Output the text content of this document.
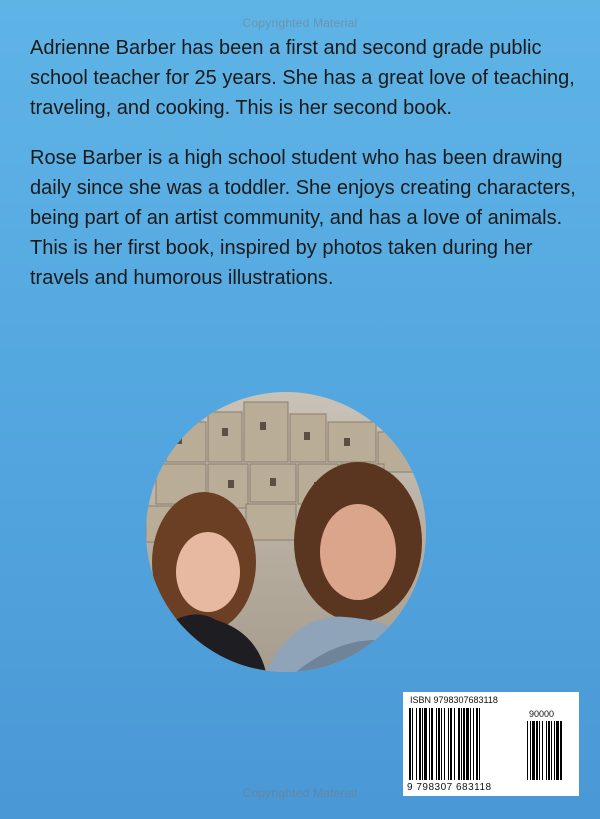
Copyrighted Material

Adrienne Barber has been a first and second grade public school teacher for 25 years. She has a great love of teaching, traveling, and cooking. This is her second book.

Rose Barber is a high school student who has been drawing daily since she was a toddler. She enjoys creating characters, being part of an artist community, and has a love of animals. This is her first book, inspired by photos taken during her travels and humorous illustrations.

ISBN 9798307683118
90000
9 798307 683118
Copyrighted Material
